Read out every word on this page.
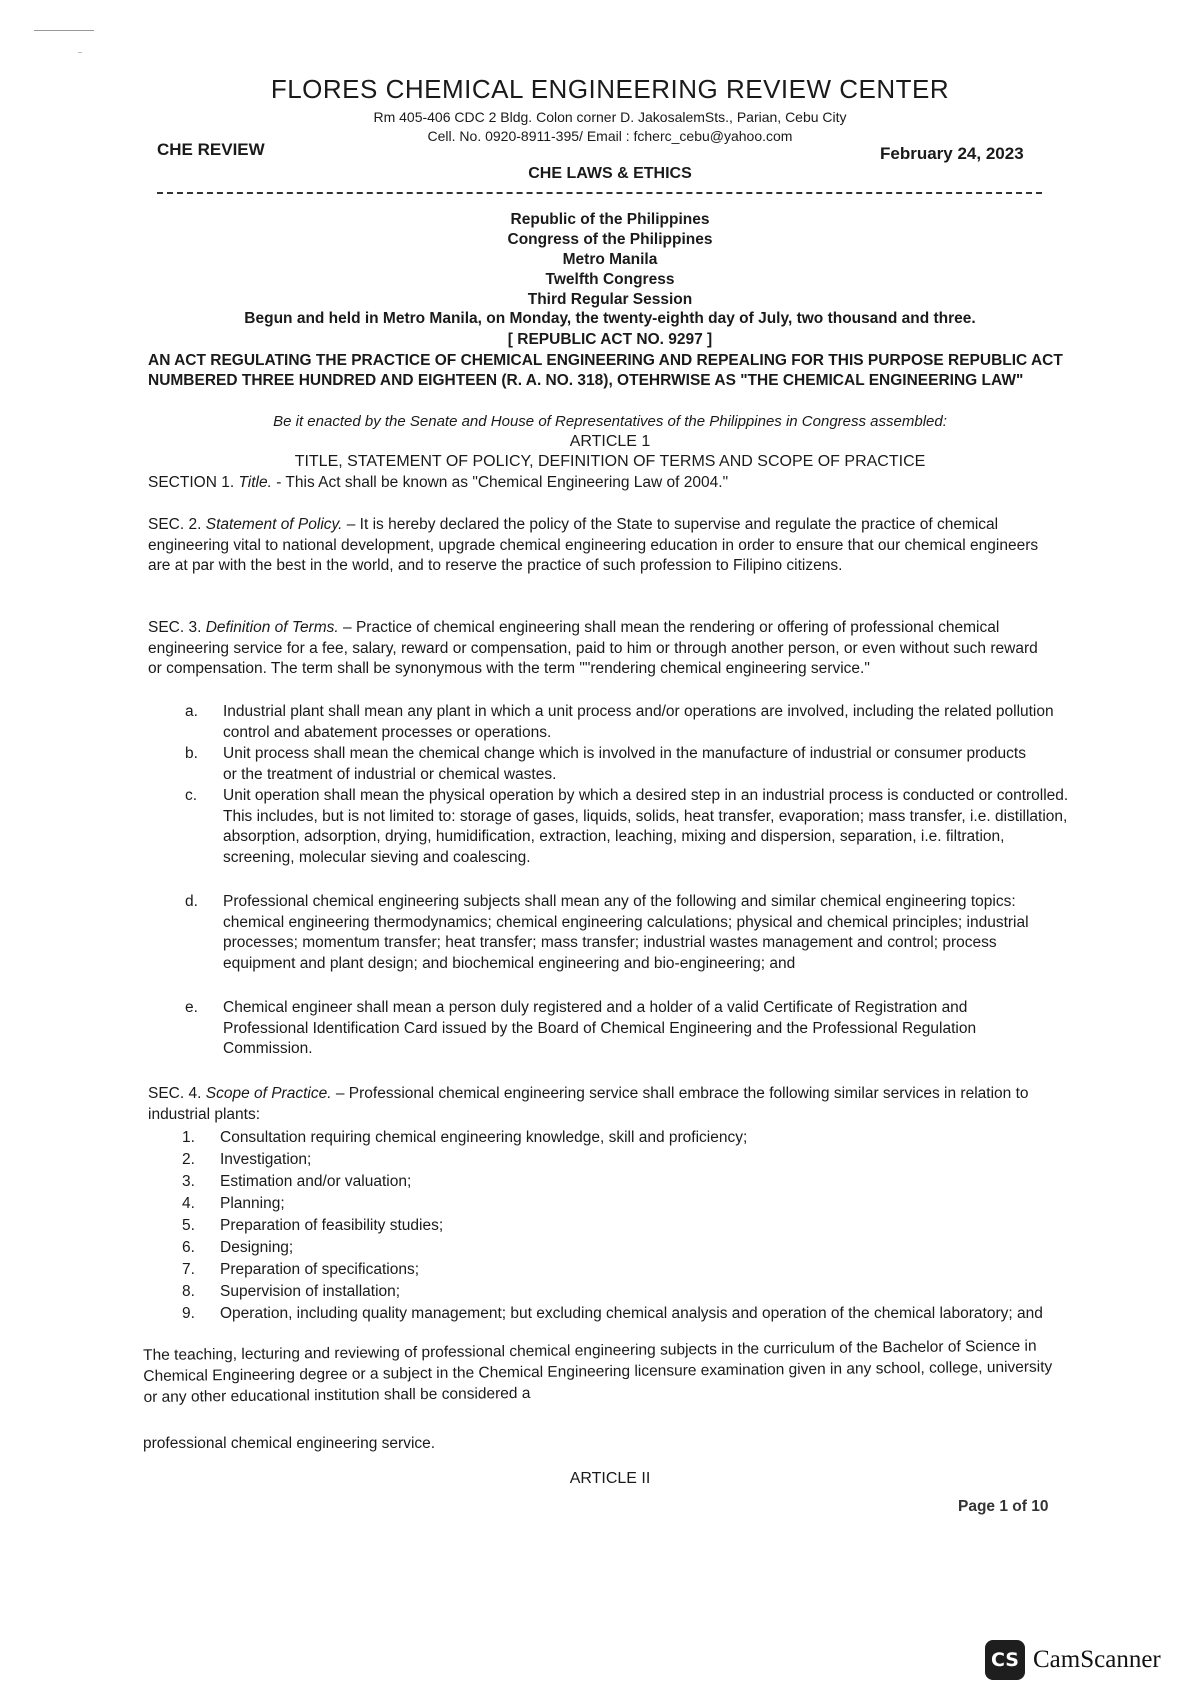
FLORES CHEMICAL ENGINEERING REVIEW CENTER
Rm 405-406 CDC 2 Bldg. Colon corner D. JakosalemSts., Parian, Cebu City
Cell. No. 0920-8911-395/ Email : fcherc_cebu@yahoo.com
CHE REVIEW	February 24, 2023
CHE LAWS & ETHICS
Republic of the Philippines
Congress of the Philippines
Metro Manila
Twelfth Congress
Third Regular Session
Begun and held in Metro Manila, on Monday, the twenty-eighth day of July, two thousand and three.
[ REPUBLIC ACT NO. 9297 ]
AN ACT REGULATING THE PRACTICE OF CHEMICAL ENGINEERING AND REPEALING FOR THIS PURPOSE REPUBLIC ACT NUMBERED THREE HUNDRED AND EIGHTEEN (R. A. NO. 318), OTEHRWISE AS "THE CHEMICAL ENGINEERING LAW"
Be it enacted by the Senate and House of Representatives of the Philippines in Congress assembled:
ARTICLE 1
TITLE, STATEMENT OF POLICY, DEFINITION OF TERMS AND SCOPE OF PRACTICE
SECTION 1. Title. - This Act shall be known as "Chemical Engineering Law of 2004."
SEC. 2. Statement of Policy. – It is hereby declared the policy of the State to supervise and regulate the practice of chemical engineering vital to national development, upgrade chemical engineering education in order to ensure that our chemical engineers are at par with the best in the world, and to reserve the practice of such profession to Filipino citizens.
SEC. 3. Definition of Terms. – Practice of chemical engineering shall mean the rendering or offering of professional chemical engineering service for a fee, salary, reward or compensation, paid to him or through another person, or even without such reward or compensation. The term shall be synonymous with the term ""rendering chemical engineering service."
a.	Industrial plant shall mean any plant in which a unit process and/or operations are involved, including the related pollution control and abatement processes or operations.
b.	Unit process shall mean the chemical change which is involved in the manufacture of industrial or consumer products or the treatment of industrial or chemical wastes.
c.	Unit operation shall mean the physical operation by which a desired step in an industrial process is conducted or controlled. This includes, but is not limited to: storage of gases, liquids, solids, heat transfer, evaporation; mass transfer, i.e. distillation, absorption, adsorption, drying, humidification, extraction, leaching, mixing and dispersion, separation, i.e. filtration, screening, molecular sieving and coalescing.
d.	Professional chemical engineering subjects shall mean any of the following and similar chemical engineering topics: chemical engineering thermodynamics; chemical engineering calculations; physical and chemical principles; industrial processes; momentum transfer; heat transfer; mass transfer; industrial wastes management and control; process equipment and plant design; and biochemical engineering and bio-engineering; and
e.	Chemical engineer shall mean a person duly registered and a holder of a valid Certificate of Registration and Professional Identification Card issued by the Board of Chemical Engineering and the Professional Regulation Commission.
SEC. 4. Scope of Practice. – Professional chemical engineering service shall embrace the following similar services in relation to industrial plants:
1.	Consultation requiring chemical engineering knowledge, skill and proficiency;
2.	Investigation;
3.	Estimation and/or valuation;
4.	Planning;
5.	Preparation of feasibility studies;
6.	Designing;
7.	Preparation of specifications;
8.	Supervision of installation;
9.	Operation, including quality management; but excluding chemical analysis and operation of the chemical laboratory; and
The teaching, lecturing and reviewing of professional chemical engineering subjects in the curriculum of the Bachelor of Science in Chemical Engineering degree or a subject in the Chemical Engineering licensure examination given in any school, college, university or any other educational institution shall be considered a
professional chemical engineering service.
ARTICLE II
Page 1 of 10
CS CamScanner
